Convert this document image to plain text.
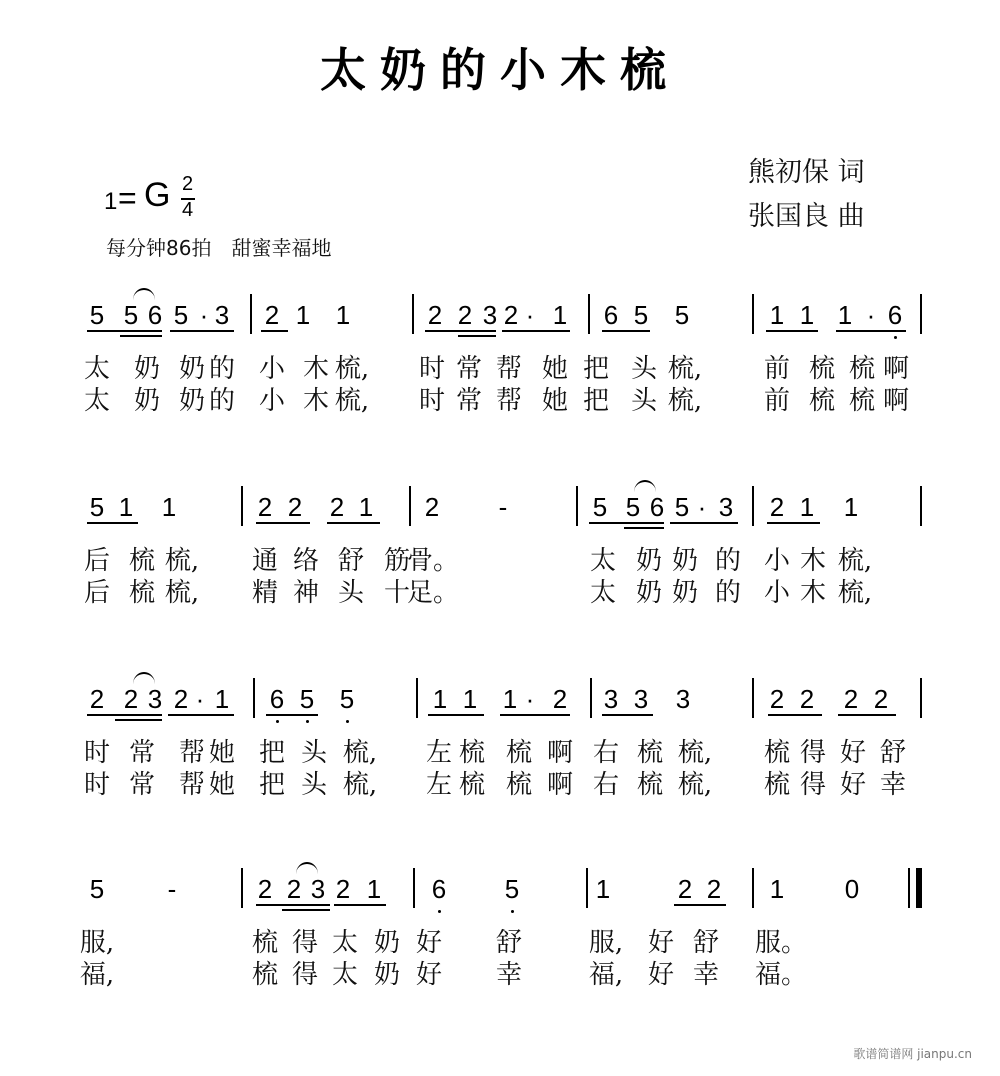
太奶的小木梳
熊初保 词
张国良 曲
1 = G 2
4
每分钟86拍　甜蜜幸福地
5 5 6 5 · 3 2 1 1	2 2 3 2 · 1 6 5 5	1 1 1 · 6
太 奶 奶 的 小 木 梳, 时 常 帮 她 把 头 梳, 前 梳 梳 啊
太 奶 奶 的 小 木 梳, 时 常 帮 她 把 头 梳, 前 梳 梳 啊
5 1 1	2 2 2 1 2 -	5 5 6 5 · 3 2 1 1
后 梳 梳, 通 络 舒 筋
骨。	太 奶 奶 的 小 木 梳,
后 梳 梳, 精 神 头 十
足。	太 奶 奶 的 小 木 梳,
2 2 3 2 · 1 6 5 5	1 1 1 · 2 3 3 3	2 2 2 2
时 常 帮 她 把 头 梳, 左 梳 梳 啊 右 梳 梳, 梳 得 好 舒
时 常 帮 她 把 头 梳, 左 梳 梳 啊 右 梳 梳, 梳 得 好 幸
5 -	2 2 3 2 1 6 5	1	2 2 1 0
服,	梳 得 太 奶 好 舒	服, 好 舒 服。
福,	梳 得 太 奶 好 幸	福, 好 幸 福。
歌谱简谱网 jianpu.cn
